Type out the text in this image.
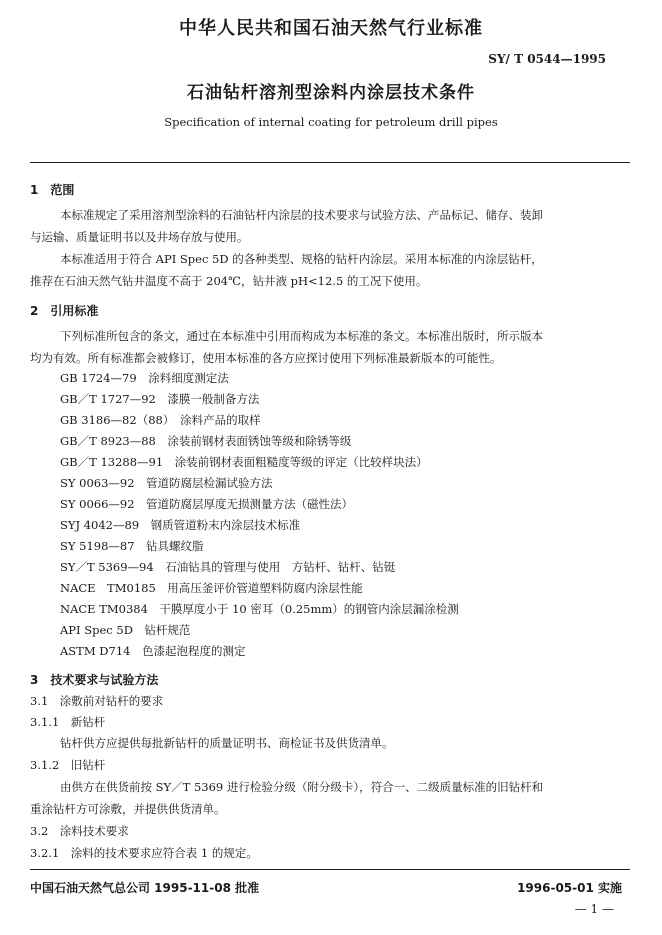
中华人民共和国石油天然气行业标准
SY/ T 0544—1995
石油钻杆溶剂型涂料内涂层技术条件
Specification of internal coating for petroleum drill pipes
1　范围
本标准规定了采用溶剂型涂料的石油钻杆内涂层的技术要求与试验方法、产品标记、储存、装卸
与运输、质量证明书以及井场存放与使用。
本标准适用于符合 API Spec 5D 的各种类型、规格的钻杆内涂层。采用本标准的内涂层钻杆，
推荐在石油天然气钻井温度不高于 204℃，钻井液 pH<12.5 的工况下使用。
2　引用标准
下列标准所包含的条文，通过在本标准中引用而构成为本标准的条文。本标准出版时，所示版本
均为有效。所有标准都会被修订，使用本标准的各方应探讨使用下列标准最新版本的可能性。
GB 1724—79　涂料细度测定法
GB／T 1727—92　漆膜一般制备方法
GB 3186—82（88）　涂料产品的取样
GB／T 8923—88　涂装前钢材表面锈蚀等级和除锈等级
GB／T 13288—91　涂装前钢材表面粗糙度等级的评定（比较样块法）
SY 0063—92　管道防腐层检漏试验方法
SY 0066—92　管道防腐层厚度无损测量方法（磁性法）
SYJ 4042—89　钢质管道粉末内涂层技术标准
SY 5198—87　钻具螺纹脂
SY／T 5369—94　石油钻具的管理与使用　方钻杆、钻杆、钻铤
NACE　TM0185　用高压釜评价管道塑料防腐内涂层性能
NACE TM0384　干膜厚度小于 10 密耳（0.25mm）的钢管内涂层漏涂检测
API Spec 5D　钻杆规范
ASTM D714　色漆起泡程度的测定
3　技术要求与试验方法
3.1　涂敷前对钻杆的要求
3.1.1　新钻杆
钻杆供方应提供每批新钻杆的质量证明书、商检证书及供货清单。
3.1.2　旧钻杆
由供方在供货前按 SY／T 5369 进行检验分级（附分级卡），符合一、二级质量标准的旧钻杆和
重涂钻杆方可涂敷，并提供供货清单。
3.2　涂料技术要求
3.2.1　涂料的技术要求应符合表 1 的规定。
中国石油天然气总公司 1995-11-08 批准	1996-05-01 实施
— 1 —
